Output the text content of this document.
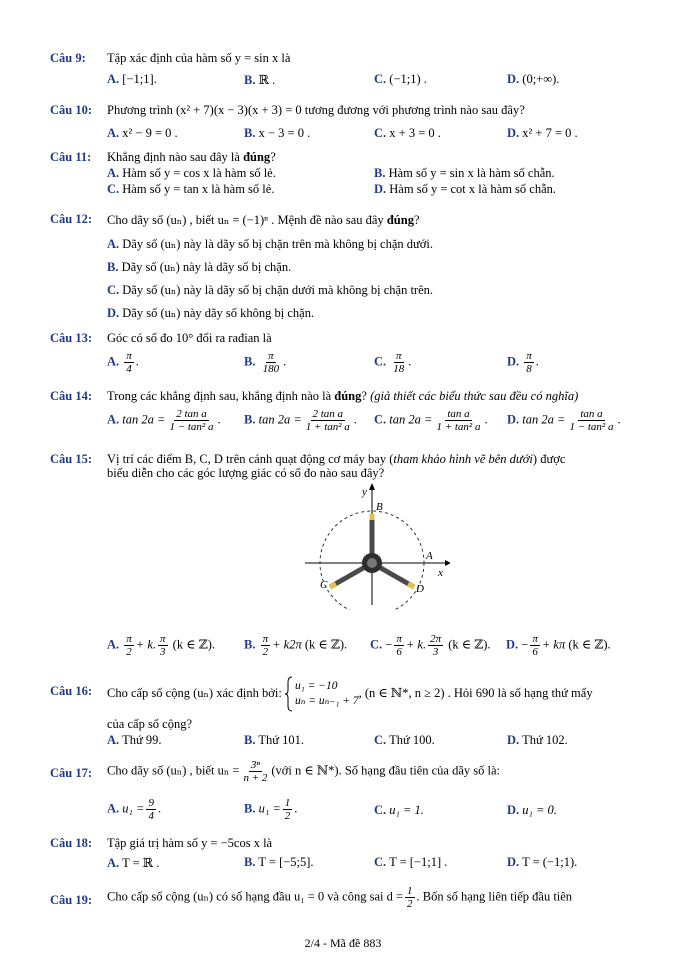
Câu 9: Tập xác định của hàm số y = sin x là
A. [−1;1].	B. ℝ .	C. (−1;1) .	D. (0;+∞).
Câu 10: Phương trình (x² + 7)(x − 3)(x + 3) = 0 tương đương với phương trình nào sau đây?
A. x² − 9 = 0 .	B. x − 3 = 0 .	C. x + 3 = 0 .	D. x² + 7 = 0 .
Câu 11: Khẳng định nào sau đây là đúng?
A. Hàm số y = cos x là hàm số lẻ.	B. Hàm số y = sin x là hàm số chẵn.
C. Hàm số y = tan x là hàm số lẻ.	D. Hàm số y = cot x là hàm số chẵn.
Câu 12: Cho dãy số (uₙ) , biết uₙ = (−1)ⁿ . Mệnh đề nào sau đây đúng?
A. Dãy số (uₙ) này là dãy số bị chặn trên mà không bị chặn dưới.
B. Dãy số (uₙ) này là dãy số bị chặn.
C. Dãy số (uₙ) này là dãy số bị chặn dưới mà không bị chặn trên.
D. Dãy số (uₙ) này dãy số không bị chặn.
Câu 13: Góc có số đo 10° đổi ra rađian là
A. $\frac{\pi}{4}$ .	B. $\frac{\pi}{180}$ .	C. $\frac{\pi}{18}$ .	D. $\frac{\pi}{8}$ .
Câu 14: Trong các khẳng định sau, khẳng định nào là đúng? (giả thiết các biểu thức sau đều có nghĩa)
A. $\tan 2a = \frac{\text{2 tan a}}{\text{1 − tan² a}}$ . B. $\tan 2a = \frac{\text{2 tan a}}{\text{1 + tan² a}}$ . C. $\tan 2a = \frac{\text{tan a}}{\text{1 + tan² a}}$ . D. $\tan 2a = \frac{\text{tan a}}{\text{1 − tan² a}}$ .
Câu 15: Vị trí các điểm B, C, D trên cánh quạt động cơ máy bay (tham khảo hình vẽ bên dưới) được
biểu diễn cho các góc lượng giác có số đo nào sau đây?
y
x
B
A
C	D
A. $\frac{\pi}{2} + k$. $\frac{\pi}{3} (k$ ∈ ℤ). B. $\frac{\pi}{2} + k2\pi$ (k ∈ ℤ). C. − $\frac{\pi}{6} + k$. $\frac{2\pi}{3} (k$ ∈ ℤ). D. − $\frac{\pi}{6} + k\pi$ (k ∈ ℤ).
Câu 16: Cho cấp số cộng (uₙ) xác định bởi: u₁ = −10
uₙ = uₙ₋₁ + 7
, (n ∈ ℕ*, n ≥ 2) . Hỏi 690 là số hạng thứ mấy
của cấp số cộng?
A. Thứ 99.	B. Thứ 101.	C. Thứ 100.	D. Thứ 102.
Câu 17: Cho dãy số (uₙ) , biết $u_n = \frac{\text{3ⁿ}}{n + 2}$ (với n ∈ ℕ*). Số hạng đầu tiên của dãy số là:
A. $u_1 = \frac{9}{4}$ .	B. $u_1 = \frac{1}{2}$ .	C. u₁ = 1.	D. u₁ = 0.
Câu 18: Tập giá trị hàm số y = −5cos x là
A. T = ℝ .	B. T = [−5;5].	C. T = [−1;1] .	D. T = (−1;1).
Câu 19: Cho cấp số cộng (uₙ) có số hạng đầu u₁ = 0 và công sai $d = \frac{1}{2}$ . Bốn số hạng liên tiếp đầu tiên
2/4 - Mã đề 883
